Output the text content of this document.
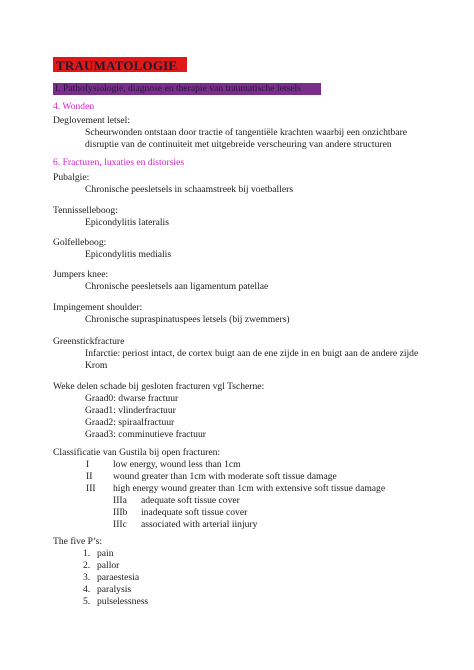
TRAUMATOLOGIE
I. Pathofysiologie, diagnose en therapie van traumatische letsels
4. Wonden
Deglovement letsel:
Scheurwonden ontstaan door tractie of tangentiële krachten waarbij een onzichtbare
disruptie van de continuiteit met uitgebreide verscheuring van andere structuren
6. Fracturen, luxaties en distorsies
Pubalgie:
Chronische peesletsels in schaamstreek bij voetballers
Tennisselleboog:
Epicondylitis lateralis
Golfelleboog:
Epicondylitis medialis
Jumpers knee:
Chronische peesletsels aan ligamentum patellae
Impingement shoulder:
Chronische supraspinatuspees letsels (bij zwemmers)
Greenstickfracture
Infarctie: periost intact, de cortex buigt aan de ene zijde in en buigt aan de andere zijde
Krom
Weke delen schade bij gesloten fracturen vgl Tscherne:
Graad0: dwarse fractuur
Graad1: vlinderfractuur
Graad2: spiraalfractuur
Graad3: comminutieve fractuur
Classificatie van Gustila bij open fracturen:
I low energy, wound less than 1cm
II wound greater than 1cm with moderate soft tissue damage
III high energy wound greater than 1cm with extensive soft tissue damage
IIIa adequate soft tissue cover
IIIb inadequate soft tissue cover
IIIc associated with arterial iinjury
The five P’s:
1. pain
2. pallor
3. paraestesia
4. paralysis
5. pulselessness
